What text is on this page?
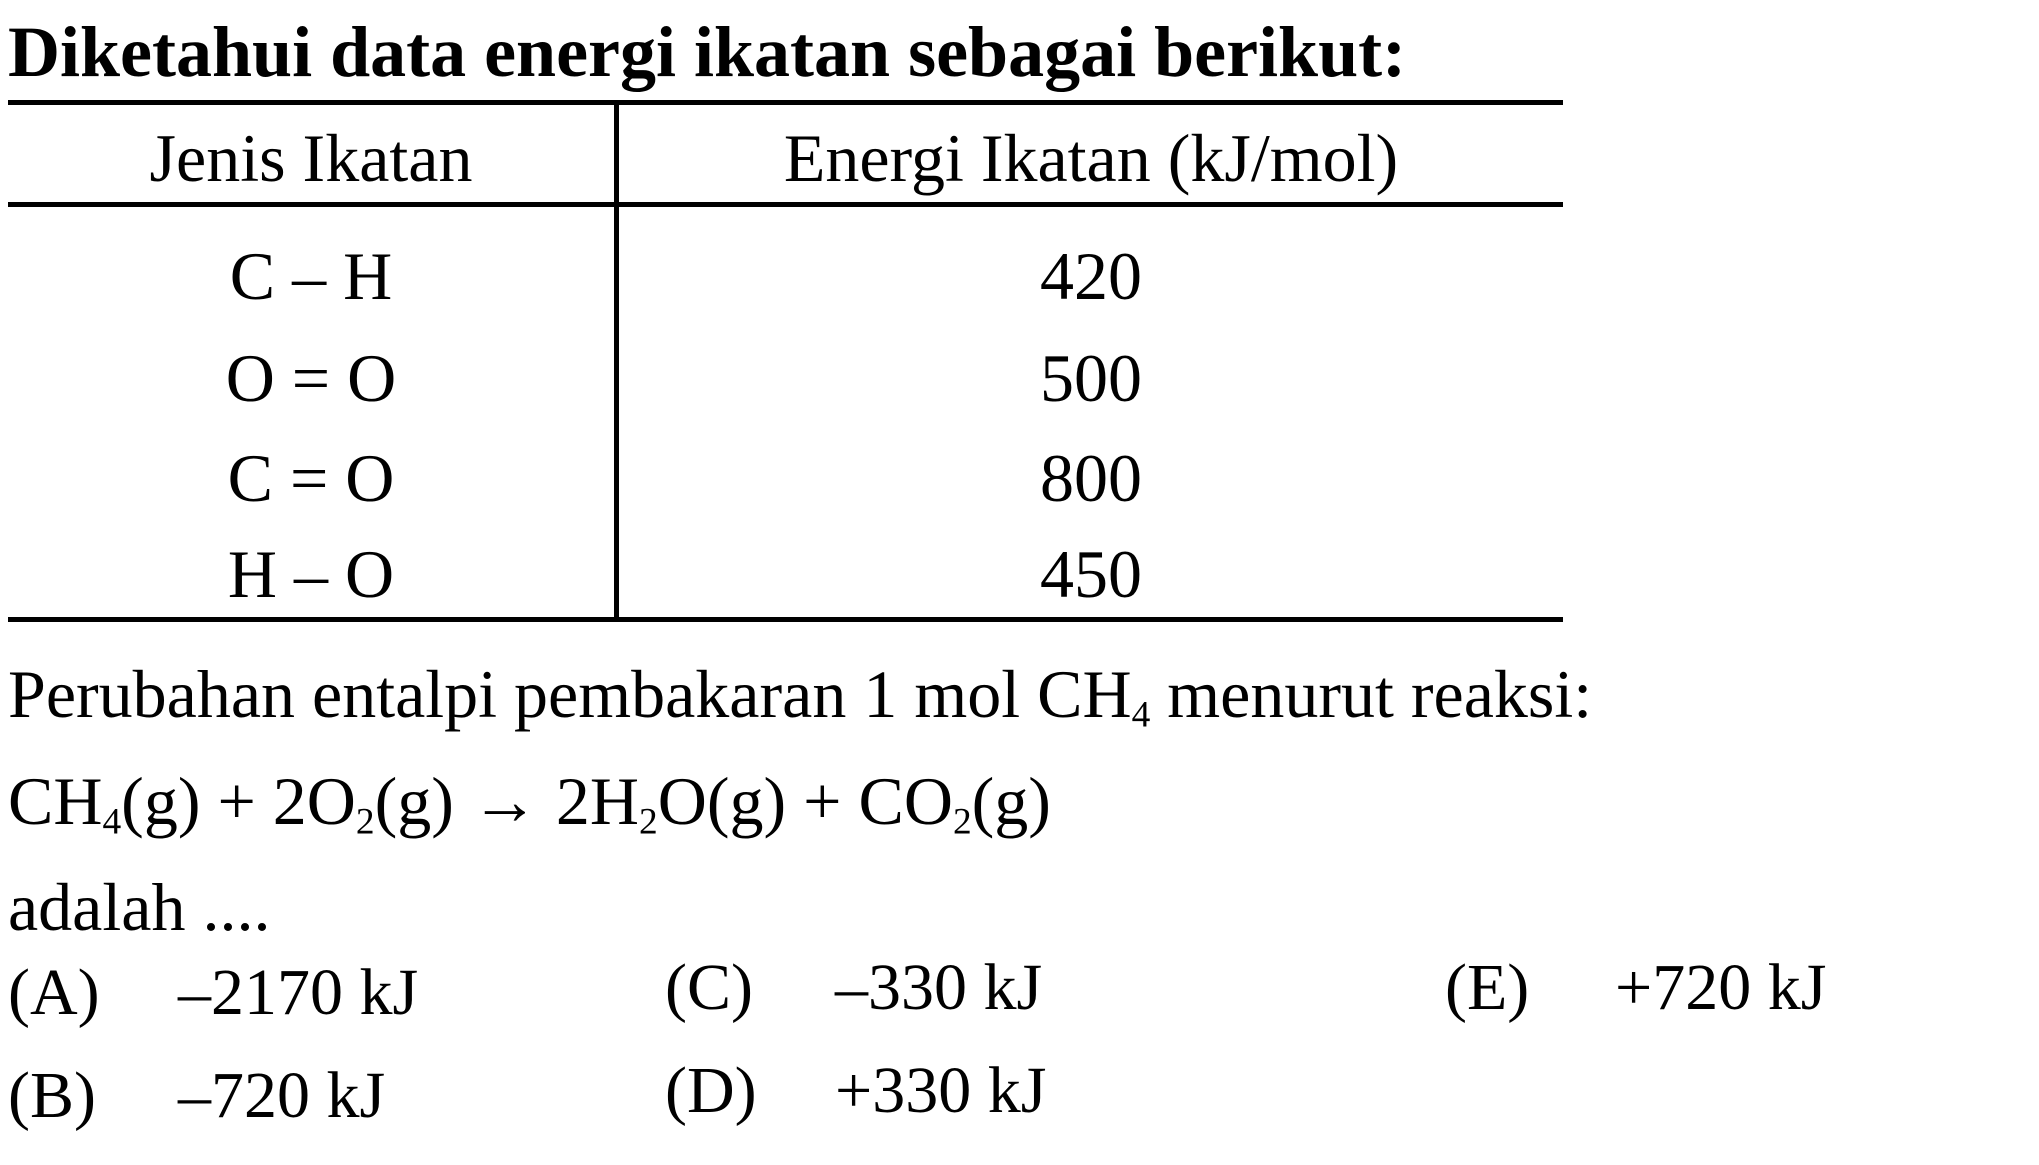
Diketahui data energi ikatan sebagai berikut:
Jenis Ikatan	Energi Ikatan (kJ/mol)
C – H	420
O = O	500
C = O	800
H – O	450
Perubahan entalpi pembakaran 1 mol $CH_4$ menurut reaksi:
$CH_4(g) + 2O_2(g) \to 2H_2O(g) + CO_2(g)$
adalah ....
(A) –2170 kJ
(B) –720 kJ
(C) –330 kJ
(D) +330 kJ
(E) +720 kJ
